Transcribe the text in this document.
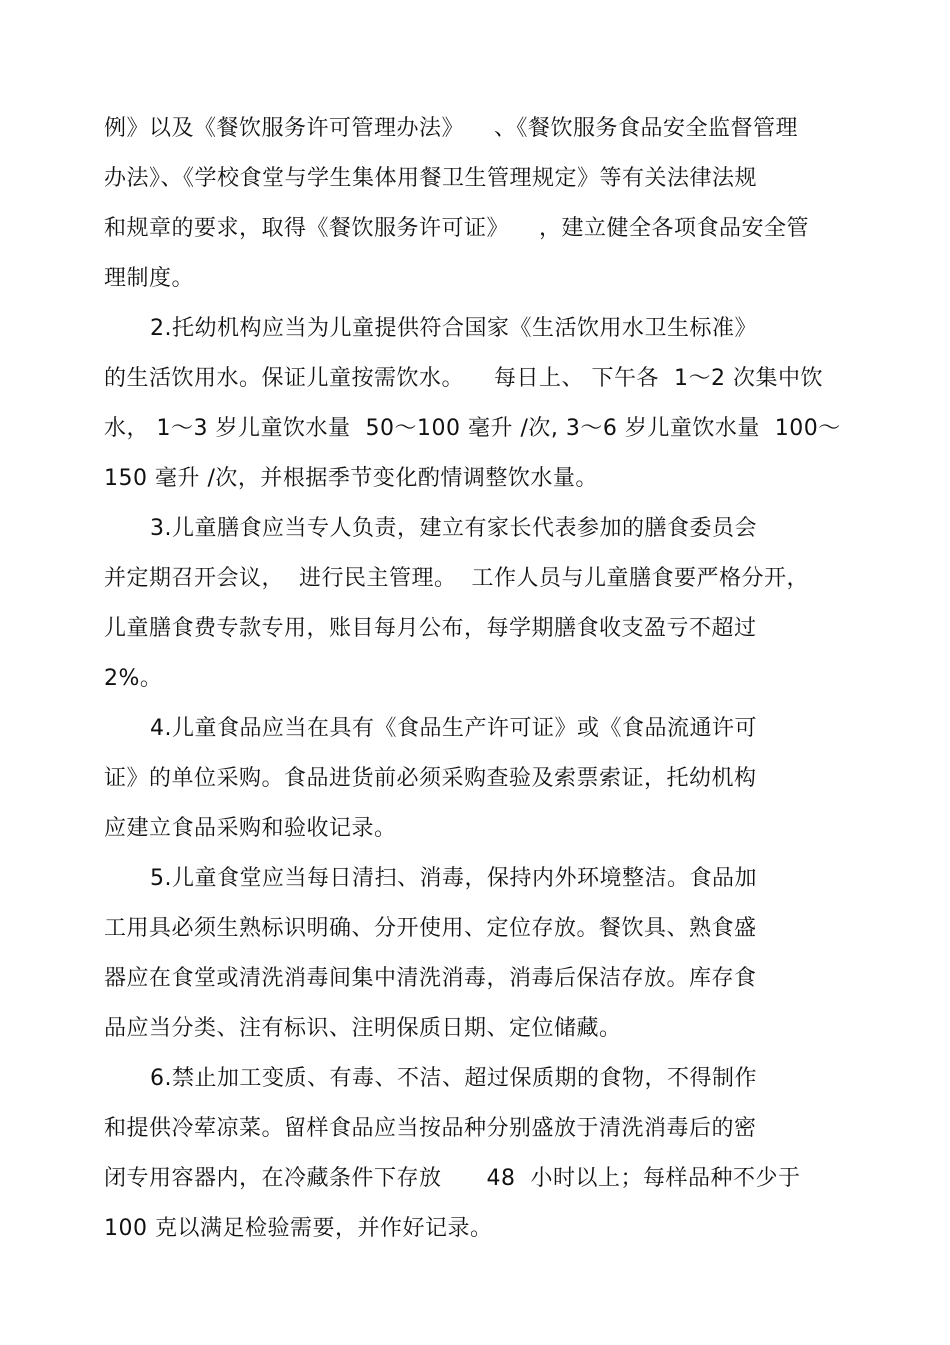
例》以及《餐饮服务许可管理办法》    、《餐饮服务食品安全监督管理
办法》、《学校食堂与学生集体用餐卫生管理规定》等有关法律法规
和规章的要求，取得《餐饮服务许可证》    ，建立健全各项食品安全管
理制度。
2.托幼机构应当为儿童提供符合国家《生活饮用水卫生标准》
的生活饮用水。保证儿童按需饮水。    每日上、 下午各  1～2 次集中饮
水， 1～3 岁儿童饮水量  50～100 毫升 /次, 3～6 岁儿童饮水量  100～
150 毫升 /次，并根据季节变化酌情调整饮水量。
3.儿童膳食应当专人负责，建立有家长代表参加的膳食委员会
并定期召开会议，  进行民主管理。  工作人员与儿童膳食要严格分开，
儿童膳食费专款专用，账目每月公布，每学期膳食收支盈亏不超过
2%。
4.儿童食品应当在具有《食品生产许可证》或《食品流通许可
证》的单位采购。食品进货前必须采购查验及索票索证，托幼机构
应建立食品采购和验收记录。
5.儿童食堂应当每日清扫、消毒，保持内外环境整洁。食品加
工用具必须生熟标识明确、分开使用、定位存放。餐饮具、熟食盛
器应在食堂或清洗消毒间集中清洗消毒，消毒后保洁存放。库存食
品应当分类、注有标识、注明保质日期、定位储藏。
6.禁止加工变质、有毒、不洁、超过保质期的食物，不得制作
和提供冷荤凉菜。留样食品应当按品种分别盛放于清洗消毒后的密
闭专用容器内，在冷藏条件下存放      48  小时以上；每样品种不少于
100 克以满足检验需要，并作好记录。
